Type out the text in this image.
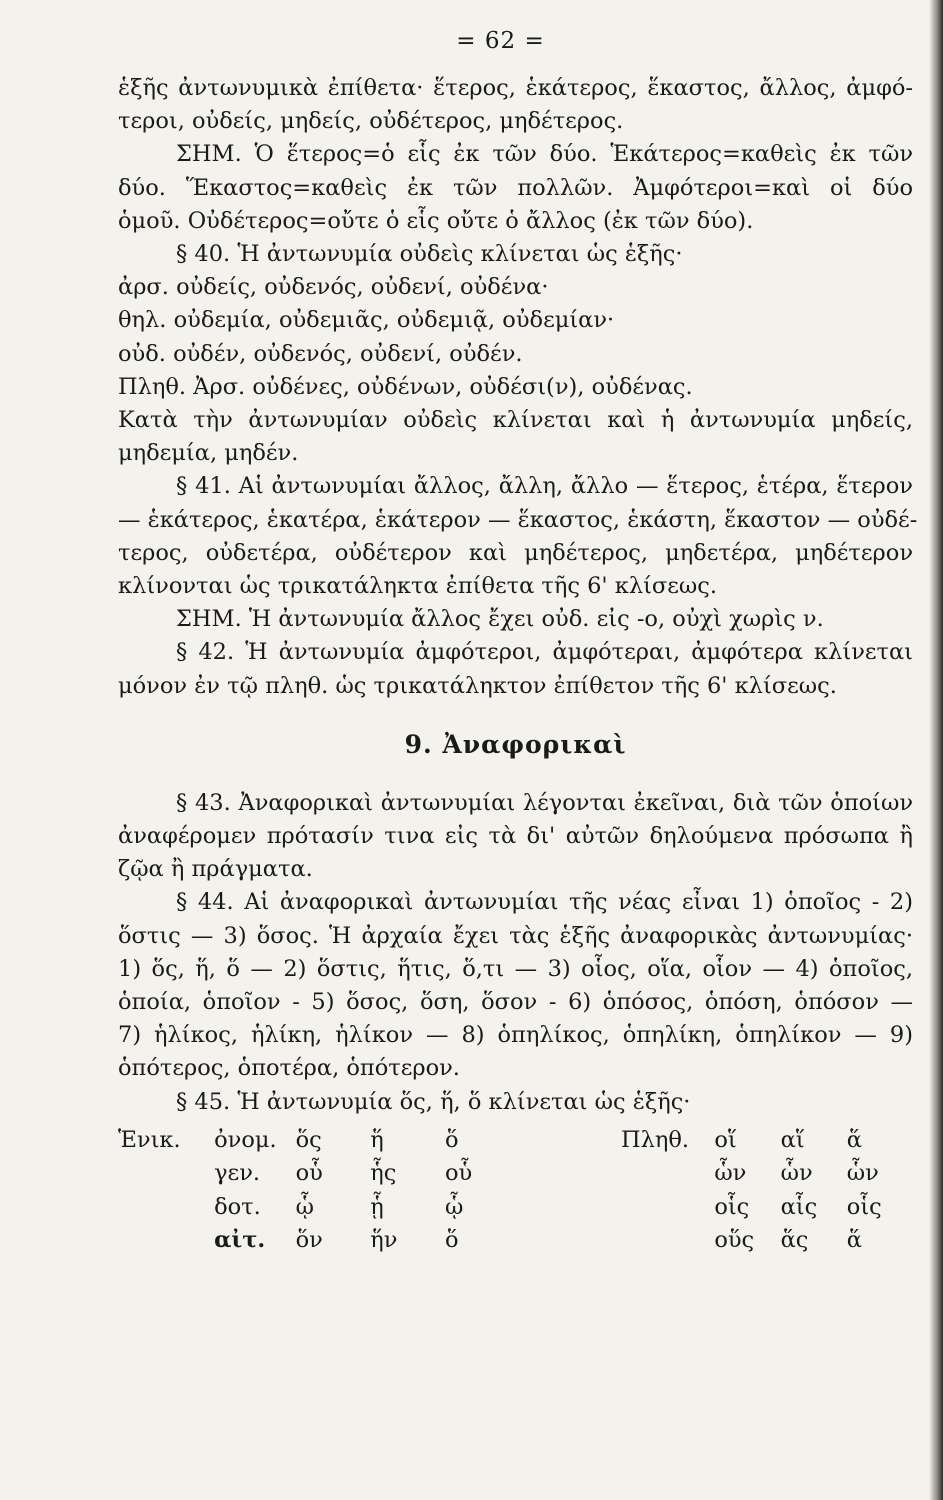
= 62 =
ἑξῆς ἀντωνυμικὰ ἐπίθετα· ἕτερος, ἑκάτερος, ἕκαστος, ἄλλος, ἀμφό-
τεροι, οὐδείς, μηδείς, οὐδέτερος, μηδέτερος.
ΣΗΜ. Ὁ ἕτερος=ὁ εἷς ἐκ τῶν δύο. Ἑκάτερος=καθεὶς ἐκ τῶν
δύο. Ἕκαστος=καθεὶς ἐκ τῶν πολλῶν. Ἀμφότεροι=καὶ οἱ δύο
ὁμοῦ. Οὐδέτερος=οὔτε ὁ εἷς οὔτε ὁ ἄλλος (ἐκ τῶν δύο).
§ 40. Ἡ ἀντωνυμία οὐδεὶς κλίνεται ὡς ἑξῆς·
ἀρσ. οὐδείς, οὐδενός, οὐδενί, οὐδένα·
θηλ. οὐδεμία, οὐδεμιᾶς, οὐδεμιᾷ, οὐδεμίαν·
οὐδ. οὐδέν, οὐδενός, οὐδενί, οὐδέν.
Πληθ. Ἀρσ. οὐδένες, οὐδένων, οὐδέσι(ν), οὐδένας.
Κατὰ τὴν ἀντωνυμίαν οὐδεὶς κλίνεται καὶ ἡ ἀντωνυμία μηδείς,
μηδεμία, μηδέν.
§ 41. Αἱ ἀντωνυμίαι ἄλλος, ἄλλη, ἄλλο — ἕτερος, ἑτέρα, ἕτερον
— ἑκάτερος, ἑκατέρα, ἑκάτερον — ἕκαστος, ἑκάστη, ἕκαστον — οὐδέ-
τερος, οὐδετέρα, οὐδέτερον καὶ μηδέτερος, μηδετέρα, μηδέτερον
κλίνονται ὡς τρικατάληκτα ἐπίθετα τῆς 6' κλίσεως.
ΣΗΜ. Ἡ ἀντωνυμία ἄλλος ἔχει οὐδ. εἰς -ο, οὐχὶ χωρὶς ν.
§ 42. Ἡ ἀντωνυμία ἀμφότεροι, ἀμφότεραι, ἀμφότερα κλίνεται
μόνον ἐν τῷ πληθ. ὡς τρικατάληκτον ἐπίθετον τῆς 6' κλίσεως.
9. Ἀναφορικαὶ
§ 43. Ἀναφορικαὶ ἀντωνυμίαι λέγονται ἐκεῖναι, διὰ τῶν ὁποίων
ἀναφέρομεν πρότασίν τινα εἰς τὰ δι' αὐτῶν δηλούμενα πρόσωπα ἢ
ζῷα ἢ πράγματα.
§ 44. Αἱ ἀναφορικαὶ ἀντωνυμίαι τῆς νέας εἶναι 1) ὁποῖος - 2)
ὅστις — 3) ὅσος. Ἡ ἀρχαία ἔχει τὰς ἑξῆς ἀναφορικὰς ἀντωνυμίας·
1) ὅς, ἥ, ὅ — 2) ὅστις, ἥτις, ὅ,τι — 3) οἷος, οἵα, οἷον — 4) ὁποῖος,
ὁποία, ὁποῖον - 5) ὅσος, ὅση, ὅσον - 6) ὁπόσος, ὁπόση, ὁπόσον —
7) ἡλίκος, ἡλίκη, ἡλίκον — 8) ὁπηλίκος, ὁπηλίκη, ὁπηλίκον — 9)
ὁπότερος, ὁποτέρα, ὁπότερον.
§ 45. Ἡ ἀντωνυμία ὅς, ἥ, ὅ κλίνεται ὡς ἑξῆς·
Ἑνικ.	ὀνομ.	ὅς	ἥ	ὅ		Πληθ.	οἵ	αἵ	ἅ
	γεν.	οὗ	ἧς	οὗ			ὧν	ὧν	ὧν
	δοτ.	ᾧ	ᾗ	ᾧ			οἷς	αἷς	οἷς
	αἰτ.	ὅν	ἥν	ὅ			οὕς	ἅς	ἅ
